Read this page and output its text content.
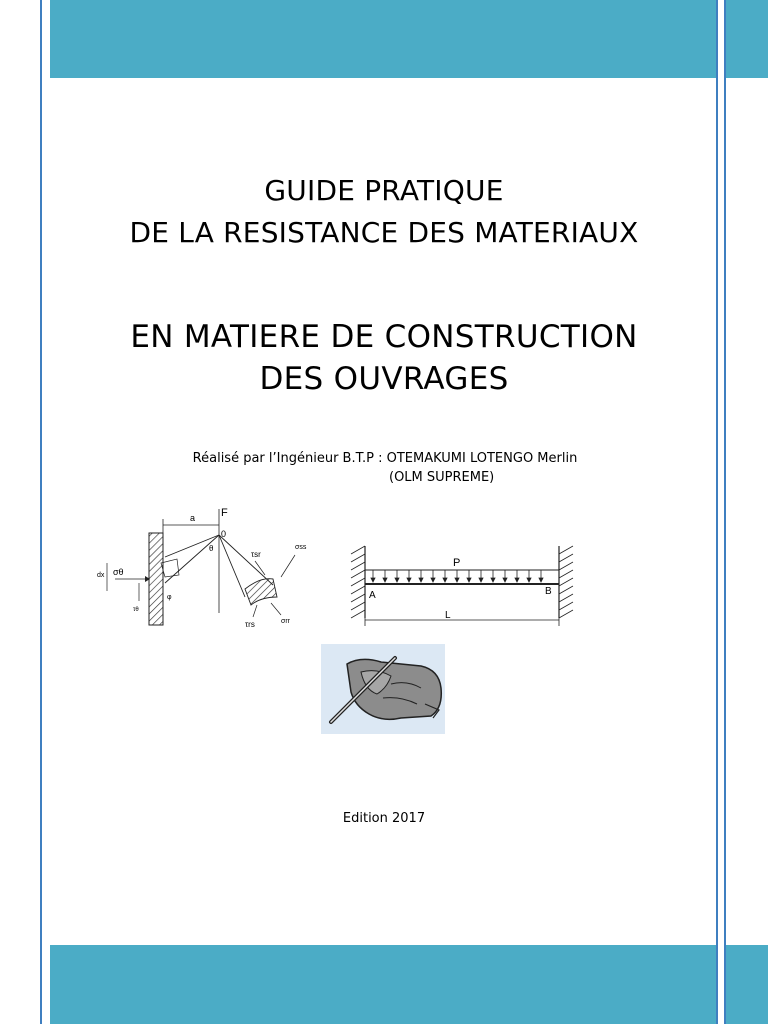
GUIDE PRATIQUE
DE LA RESISTANCE DES MATERIAUX
EN MATIERE DE CONSTRUCTION
DES OUVRAGES
Réalisé par l’Ingénieur B.T.P : OTEMAKUMI LOTENGO Merlin
(OLM SUPREME)
a F
0
θ
φ
σθ
dx
τθ
τsr
σss
τrs	σrr
P
A	B
L
Edition 2017
